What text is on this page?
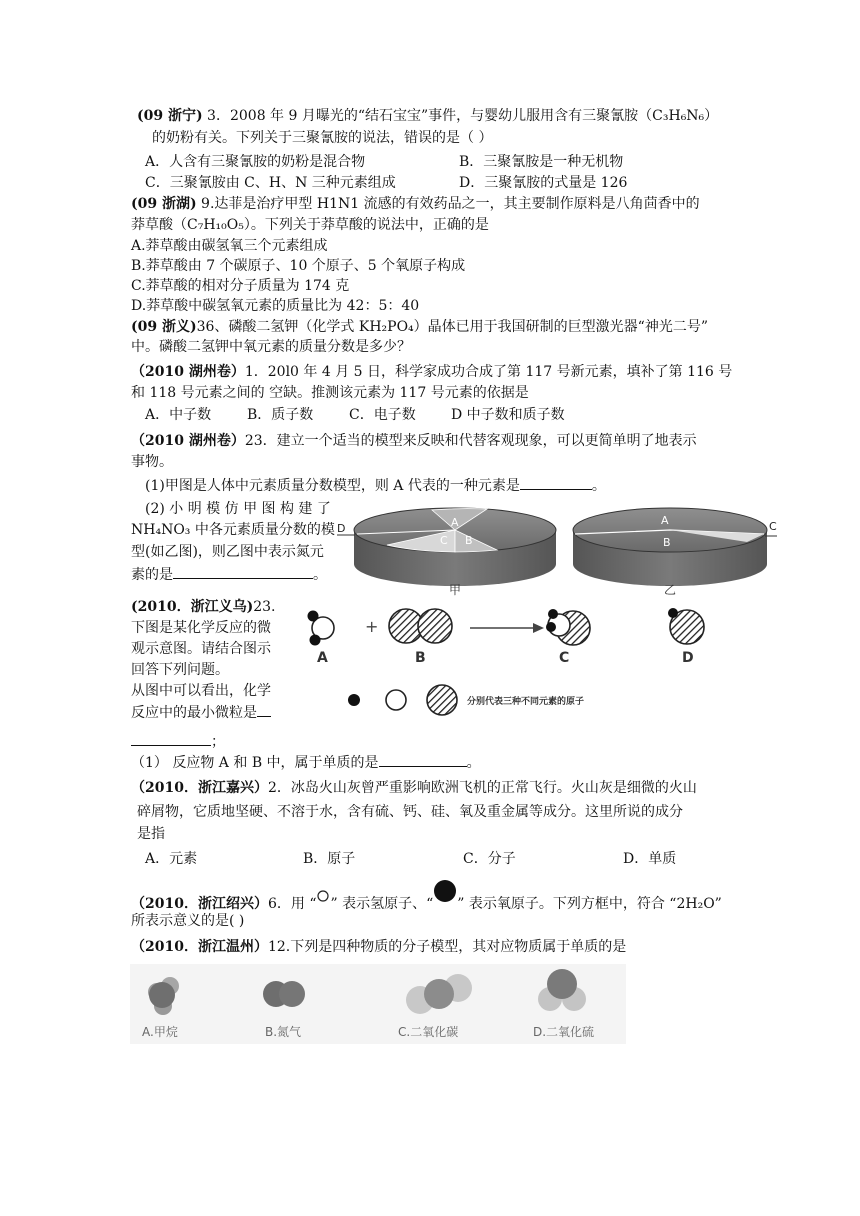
(09 浙宁) 3．2008 年 9 月曝光的“结石宝宝”事件，与婴幼儿服用含有三聚氰胺（C₃H₆N₆）
的奶粉有关。下列关于三聚氰胺的说法，错误的是（ ）
A．人含有三聚氰胺的奶粉是混合物	B．三聚氰胺是一种无机物
C．三聚氰胺由 C、H、N 三种元素组成	D．三聚氰胺的式量是 126
(09 浙湖) 9.达菲是治疗甲型 H1N1 流感的有效药品之一，其主要制作原料是八角茴香中的
莽草酸（C₇H₁₀O₅）。下列关于莽草酸的说法中，正确的是
A.莽草酸由碳氢氧三个元素组成
B.莽草酸由 7 个碳原子、10 个原子、5 个氧原子构成
C.莽草酸的相对分子质量为 174 克
D.莽草酸中碳氢氧元素的质量比为 42：5：40
(09 浙义)36、磷酸二氢钾（化学式 KH₂PO₄）晶体已用于我国研制的巨型激光器“神光二号”
中。磷酸二氢钾中氧元素的质量分数是多少？
（2010 湖州卷）1．20l0 年 4 月 5 日，科学家成功合成了第 117 号新元素，填补了第 116 号
和 118 号元素之间的 空缺。推测该元素为 117 号元素的依据是
A．中子数	B．质子数	C．电子数	D 中子数和质子数
（2010 湖州卷）23．建立一个适当的模型来反映和代替客观现象，可以更简单明了地表示
事物。
(1)甲图是人体中元素质量分数模型，则 A 代表的一种元素是	。
(2) 小 明 模 仿 甲 图 构 建 了
NH₄NO₃ 中各元素质量分数的模
型(如乙图)，则乙图中表示氮元
素的是	。
A
C B
D
甲
A
B
C
乙
(2010．浙江义乌)23.
下图是某化学反应的微
观示意图。请结合图示
回答下列问题。
从图中可以看出，化学
反应中的最小微粒是
；
（1） 反应物 A 和 B 中，属于单质的是	。
+
A	B	C	D
分别代表三种不同元素的原子
（2010．浙江嘉兴）2．冰岛火山灰曾严重影响欧洲飞机的正常飞行。火山灰是细微的火山
碎屑物，它质地坚硬、不溶于水，含有硫、钙、硅、氧及重金属等成分。这里所说的成分
是指
A．元素	B．原子	C．分子	D．单质
（2010．浙江绍兴）6．用 “ ” 表示氢原子、“ ” 表示氧原子。下列方框中，符合 “2H₂O”
所表示意义的是( )
（2010．浙江温州）12.下列是四种物质的分子模型，其对应物质属于单质的是
A.甲烷	B.氮气	C.二氧化碳	D.二氧化硫
